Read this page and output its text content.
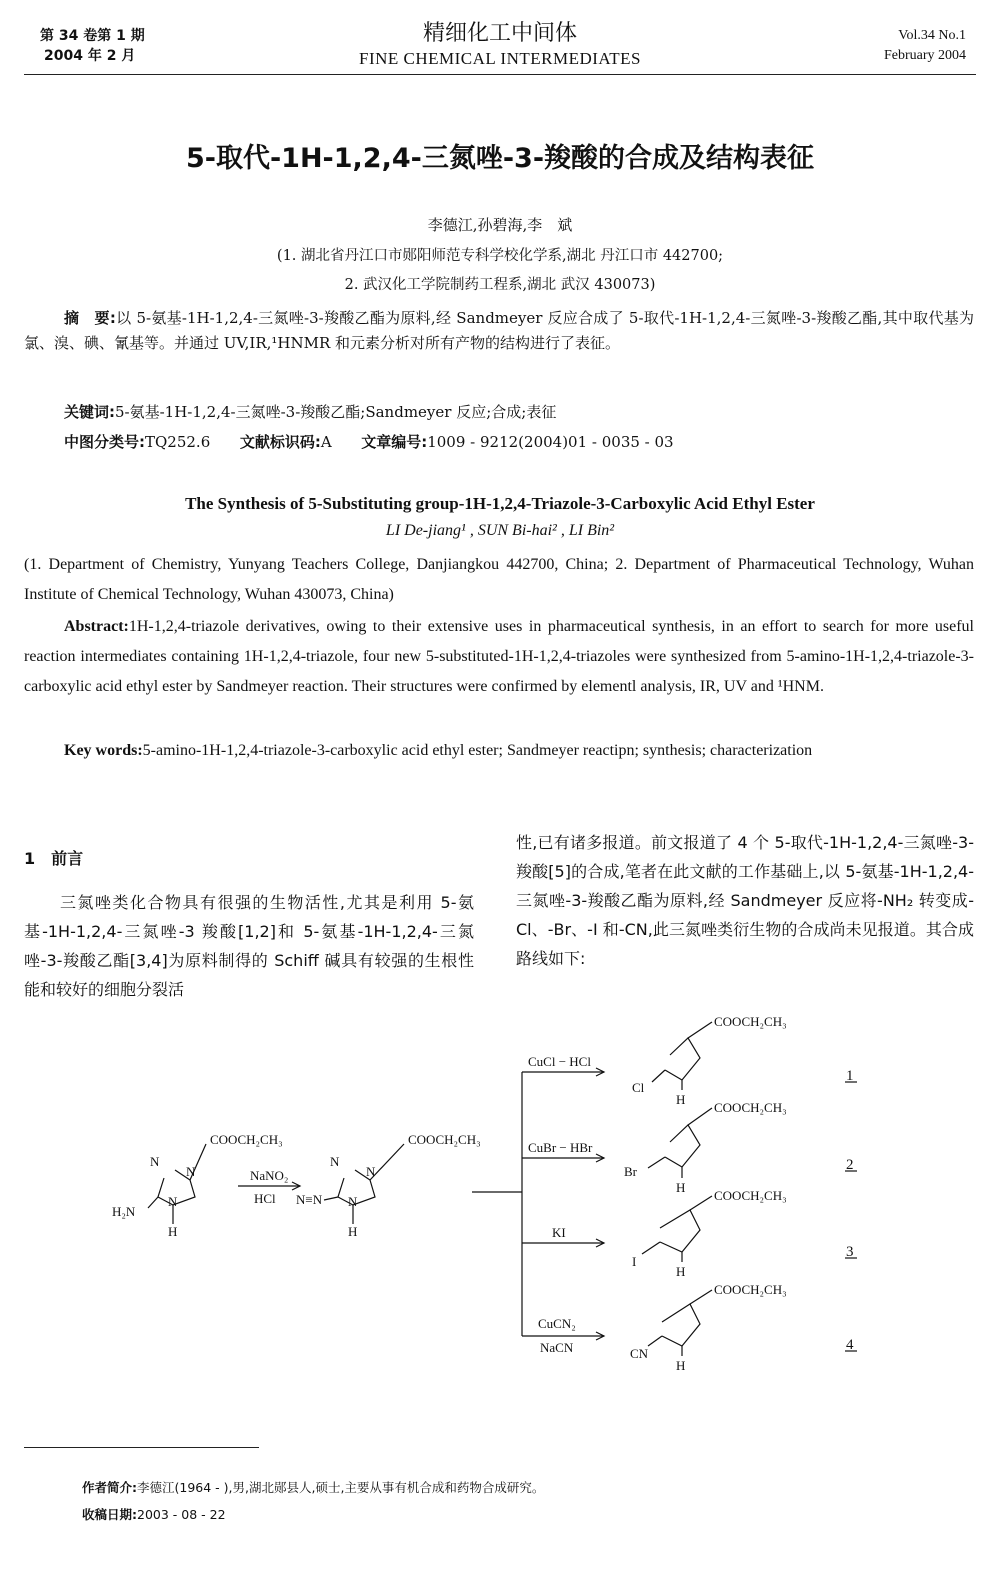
第 34 卷第 1 期
2004 年 2 月
精细化工中间体
FINE CHEMICAL INTERMEDIATES
Vol.34 No.1
February 2004
5-取代-1H-1,2,4-三氮唑-3-羧酸的合成及结构表征
李德江,孙碧海,李　斌
(1. 湖北省丹江口市郧阳师范专科学校化学系,湖北 丹江口市 442700;
2. 武汉化工学院制药工程系,湖北 武汉 430073)
摘　要:以 5-氨基-1H-1,2,4-三氮唑-3-羧酸乙酯为原料,经 Sandmeyer 反应合成了 5-取代-1H-1,2,4-三氮唑-3-羧酸乙酯,其中取代基为氯、溴、碘、氰基等。并通过 UV,IR,¹HNMR 和元素分析对所有产物的结构进行了表征。
关键词:5-氨基-1H-1,2,4-三氮唑-3-羧酸乙酯;Sandmeyer 反应;合成;表征
中图分类号:TQ252.6 文献标识码:A 文章编号:1009 - 9212(2004)01 - 0035 - 03
The Synthesis of 5-Substituting group-1H-1,2,4-Triazole-3-Carboxylic Acid Ethyl Ester
LI De-jiang¹ , SUN Bi-hai² , LI Bin²
(1. Department of Chemistry, Yunyang Teachers College, Danjiangkou 442700, China; 2. Department of Pharmaceutical Technology, Wuhan Institute of Chemical Technology, Wuhan 430073, China)
Abstract:1H-1,2,4-triazole derivatives, owing to their extensive uses in pharmaceutical synthesis, in an effort to search for more useful reaction intermediates containing 1H-1,2,4-triazole, four new 5-substituted-1H-1,2,4-triazoles were synthesized from 5-amino-1H-1,2,4-triazole-3-carboxylic acid ethyl ester by Sandmeyer reaction. Their structures were confirmed by elementl analysis, IR, UV and ¹HNM.
Key words:5-amino-1H-1,2,4-triazole-3-carboxylic acid ethyl ester; Sandmeyer reactipn; synthesis; characterization
1　前言
三氮唑类化合物具有很强的生物活性,尤其是利用 5-氨基-1H-1,2,4-三氮唑-3 羧酸[1,2]和 5-氨基-1H-1,2,4-三氮唑-3-羧酸乙酯[3,4]为原料制得的 Schiff 碱具有较强的生根性能和较好的细胞分裂活
性,已有诸多报道。前文报道了 4 个 5-取代-1H-1,2,4-三氮唑-3-羧酸[5]的合成,笔者在此文献的工作基础上,以 5-氨基-1H-1,2,4-三氮唑-3-羧酸乙酯为原料,经 Sandmeyer 反应将-NH₂ 转变成-Cl、-Br、-I 和-CN,此三氮唑类衍生物的合成尚未见报道。其合成路线如下:
COOCH₂CH₃
N
N
N
H₂N
H
NaNO₂
HCl
COOCH₂CH₃
N
N
N
N≡N
H
CuCl − HCl
CuBr − HBr
KI
CuCN₂
NaCN
COOCH₂CH₃
Cl
H
COOCH₂CH₃
Br
H
COOCH₂CH₃
I
H
COOCH₂CH₃
CN
H
1
2
3
4
作者简介:李德江(1964 - ),男,湖北郧县人,硕士,主要从事有机合成和药物合成研究。
收稿日期:2003 - 08 - 22
